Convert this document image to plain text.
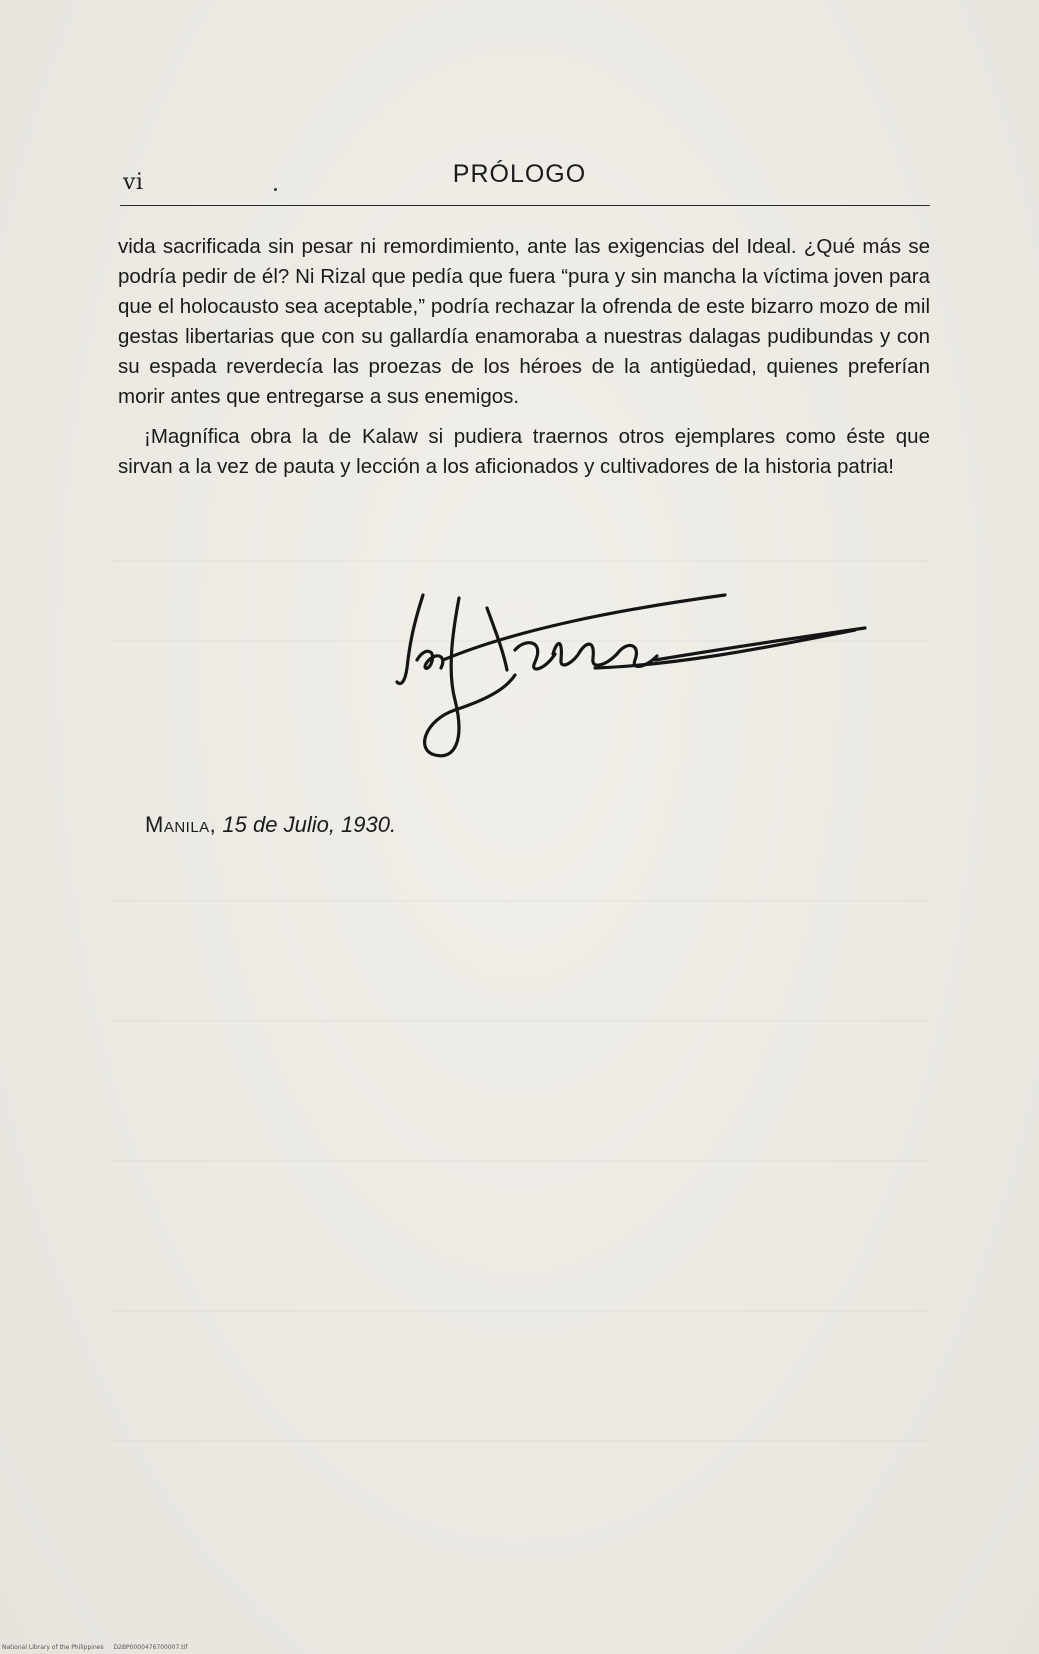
vi	PRÓLOGO

vida sacrificada sin pesar ni remordimiento, ante las exigencias del Ideal. ¿Qué más se podría pedir de él? Ni Rizal que pedía que fuera “pura y sin mancha la víctima joven para que el holocausto sea aceptable,” podría rechazar la ofrenda de este bizarro mozo de mil gestas libertarias que con su gallardía enamoraba a nuestras dalagas pudibundas y con su espada reverdecía las proezas de los héroes de la antigüedad, quienes preferían morir antes que entregarse a sus enemigos.

¡Magnífica obra la de Kalaw si pudiera traernos otros ejemplares como éste que sirvan a la vez de pauta y lección a los aficionados y cultivadores de la historia patria!

Manila, 15 de Julio, 1930.
National Library of the Philippines D2BP0000476700007.tif
